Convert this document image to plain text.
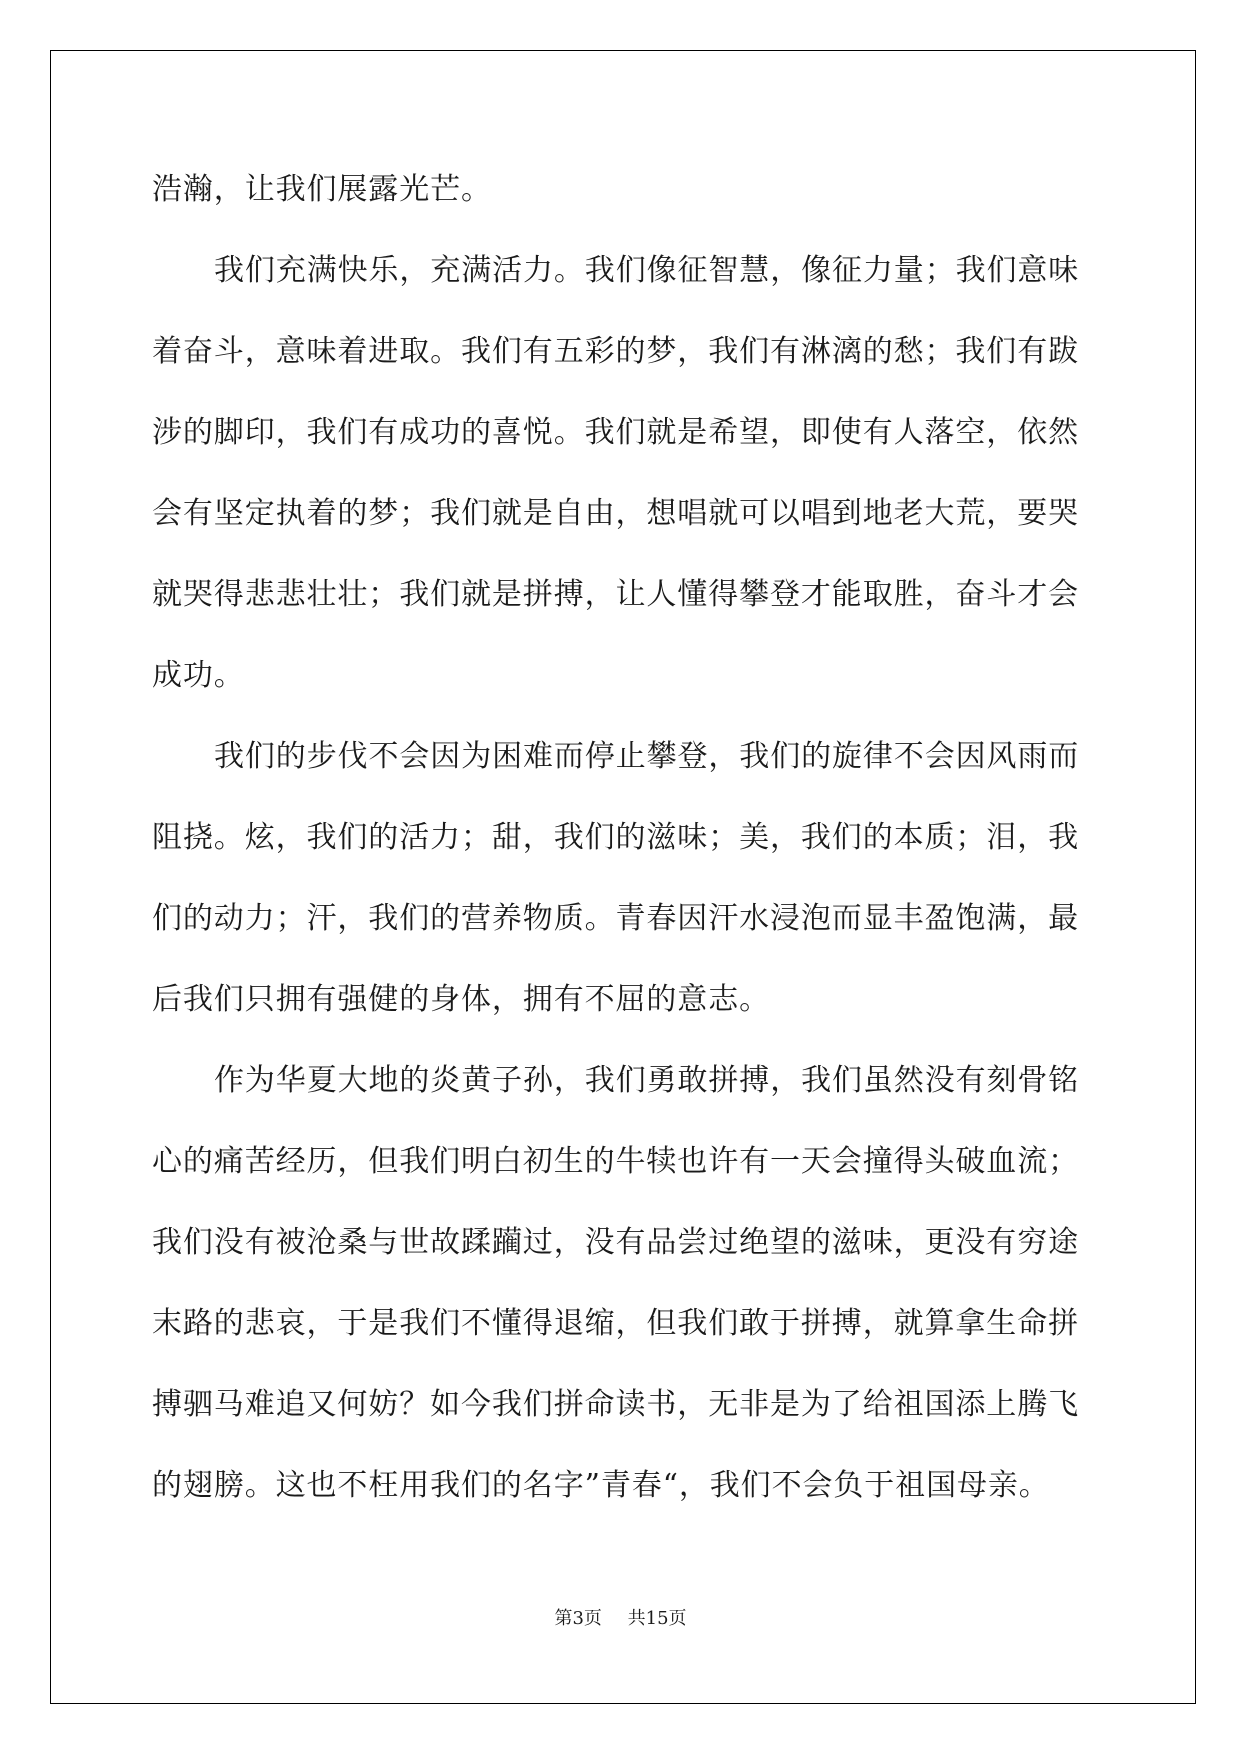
浩瀚，让我们展露光芒。
我们充满快乐，充满活力。我们像征智慧，像征力量；我们意味
着奋斗，意味着进取。我们有五彩的梦，我们有淋漓的愁；我们有跋
涉的脚印，我们有成功的喜悦。我们就是希望，即使有人落空，依然
会有坚定执着的梦；我们就是自由，想唱就可以唱到地老大荒，要哭
就哭得悲悲壮壮；我们就是拼搏，让人懂得攀登才能取胜，奋斗才会
成功。
我们的步伐不会因为困难而停止攀登，我们的旋律不会因风雨而
阻挠。炫，我们的活力；甜，我们的滋味；美，我们的本质；泪，我
们的动力；汗，我们的营养物质。青春因汗水浸泡而显丰盈饱满，最
后我们只拥有强健的身体，拥有不屈的意志。
作为华夏大地的炎黄子孙，我们勇敢拼搏，我们虽然没有刻骨铭
心的痛苦经历，但我们明白初生的牛犊也许有一天会撞得头破血流；
我们没有被沧桑与世故蹂躏过，没有品尝过绝望的滋味，更没有穷途
末路的悲哀，于是我们不懂得退缩，但我们敢于拼搏，就算拿生命拼
搏驷马难追又何妨？如今我们拼命读书，无非是为了给祖国添上腾飞
的翅膀。这也不枉用我们的名字”青春“，我们不会负于祖国母亲。
第3页 共15页
